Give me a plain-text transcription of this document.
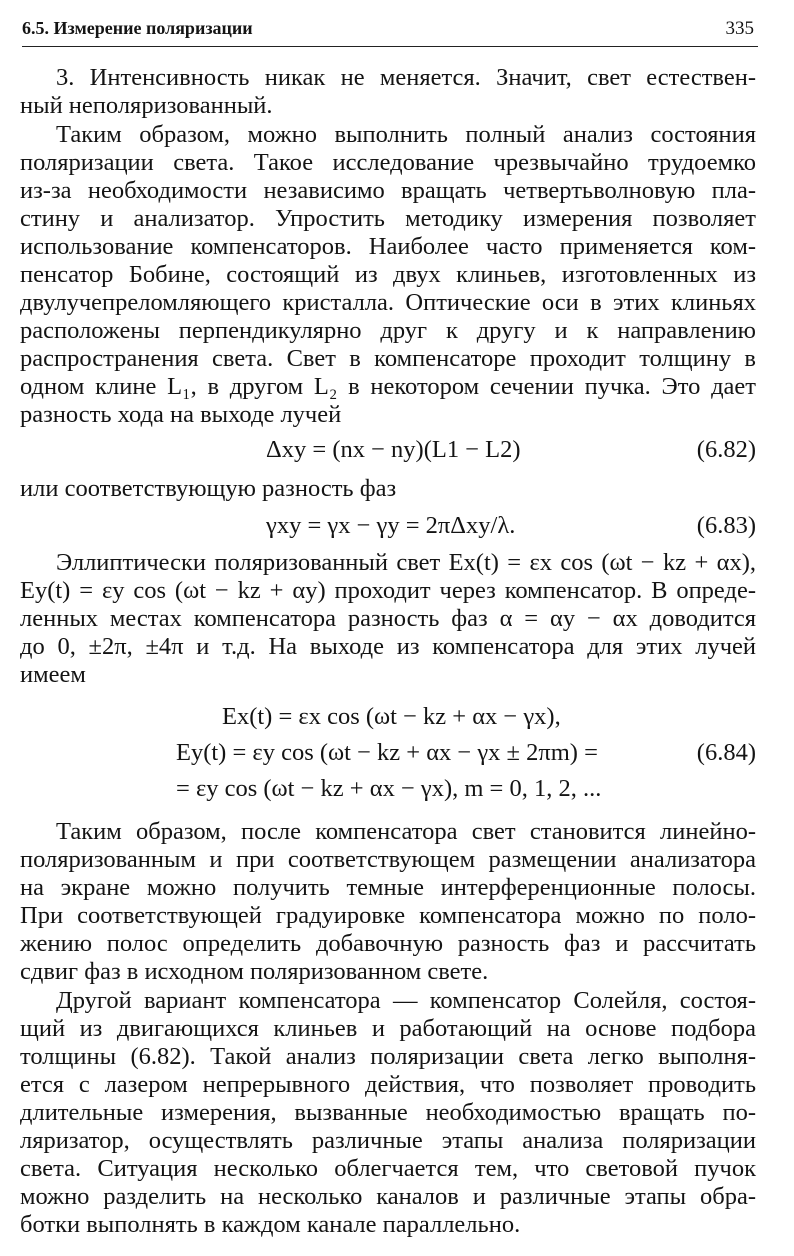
6.5. Измерение поляризации	335
3. Интенсивность никак не меняется. Значит, свет естествен-
ный неполяризованный.
Таким образом, можно выполнить полный анализ состояния
поляризации света. Такое исследование чрезвычайно трудоемко
из-за необходимости независимо вращать четвертьволновую пла-
стину и анализатор. Упростить методику измерения позволяет
использование компенсаторов. Наиболее часто применяется ком-
пенсатор Бобине, состоящий из двух клиньев, изготовленных из
двулучепреломляющего кристалла. Оптические оси в этих клиньях
расположены перпендикулярно друг к другу и к направлению
распространения света. Свет в компенсаторе проходит толщину в
одном клине L₁, в другом L₂ в некотором сечении пучка. Это дает
разность хода на выходе лучей
Δxy = (nx − ny)(L1 − L2)	(6.82)
или соответствующую разность фаз
γxy = γx − γy = 2πΔxy/λ.	(6.83)
Эллиптически поляризованный свет Ex(t) = εx cos (ωt − kz + αx),
Ey(t) = εy cos (ωt − kz + αy) проходит через компенсатор. В опреде-
ленных местах компенсатора разность фаз α = αy − αx доводится
до 0, ±2π, ±4π и т.д. На выходе из компенсатора для этих лучей
имеем
Ex(t) = εx cos (ωt − kz + αx − γx),
Ey(t) = εy cos (ωt − kz + αx − γx ± 2πm) =	(6.84)
= εy cos (ωt − kz + αx − γx), m = 0, 1, 2, ...
Таким образом, после компенсатора свет становится линейно-
поляризованным и при соответствующем размещении анализатора
на экране можно получить темные интерференционные полосы.
При соответствующей градуировке компенсатора можно по поло-
жению полос определить добавочную разность фаз и рассчитать
сдвиг фаз в исходном поляризованном свете.
Другой вариант компенсатора — компенсатор Солейля, состоя-
щий из двигающихся клиньев и работающий на основе подбора
толщины (6.82). Такой анализ поляризации света легко выполня-
ется с лазером непрерывного действия, что позволяет проводить
длительные измерения, вызванные необходимостью вращать по-
ляризатор, осуществлять различные этапы анализа поляризации
света. Ситуация несколько облегчается тем, что световой пучок
можно разделить на несколько каналов и различные этапы обра-
ботки выполнять в каждом канале параллельно.
